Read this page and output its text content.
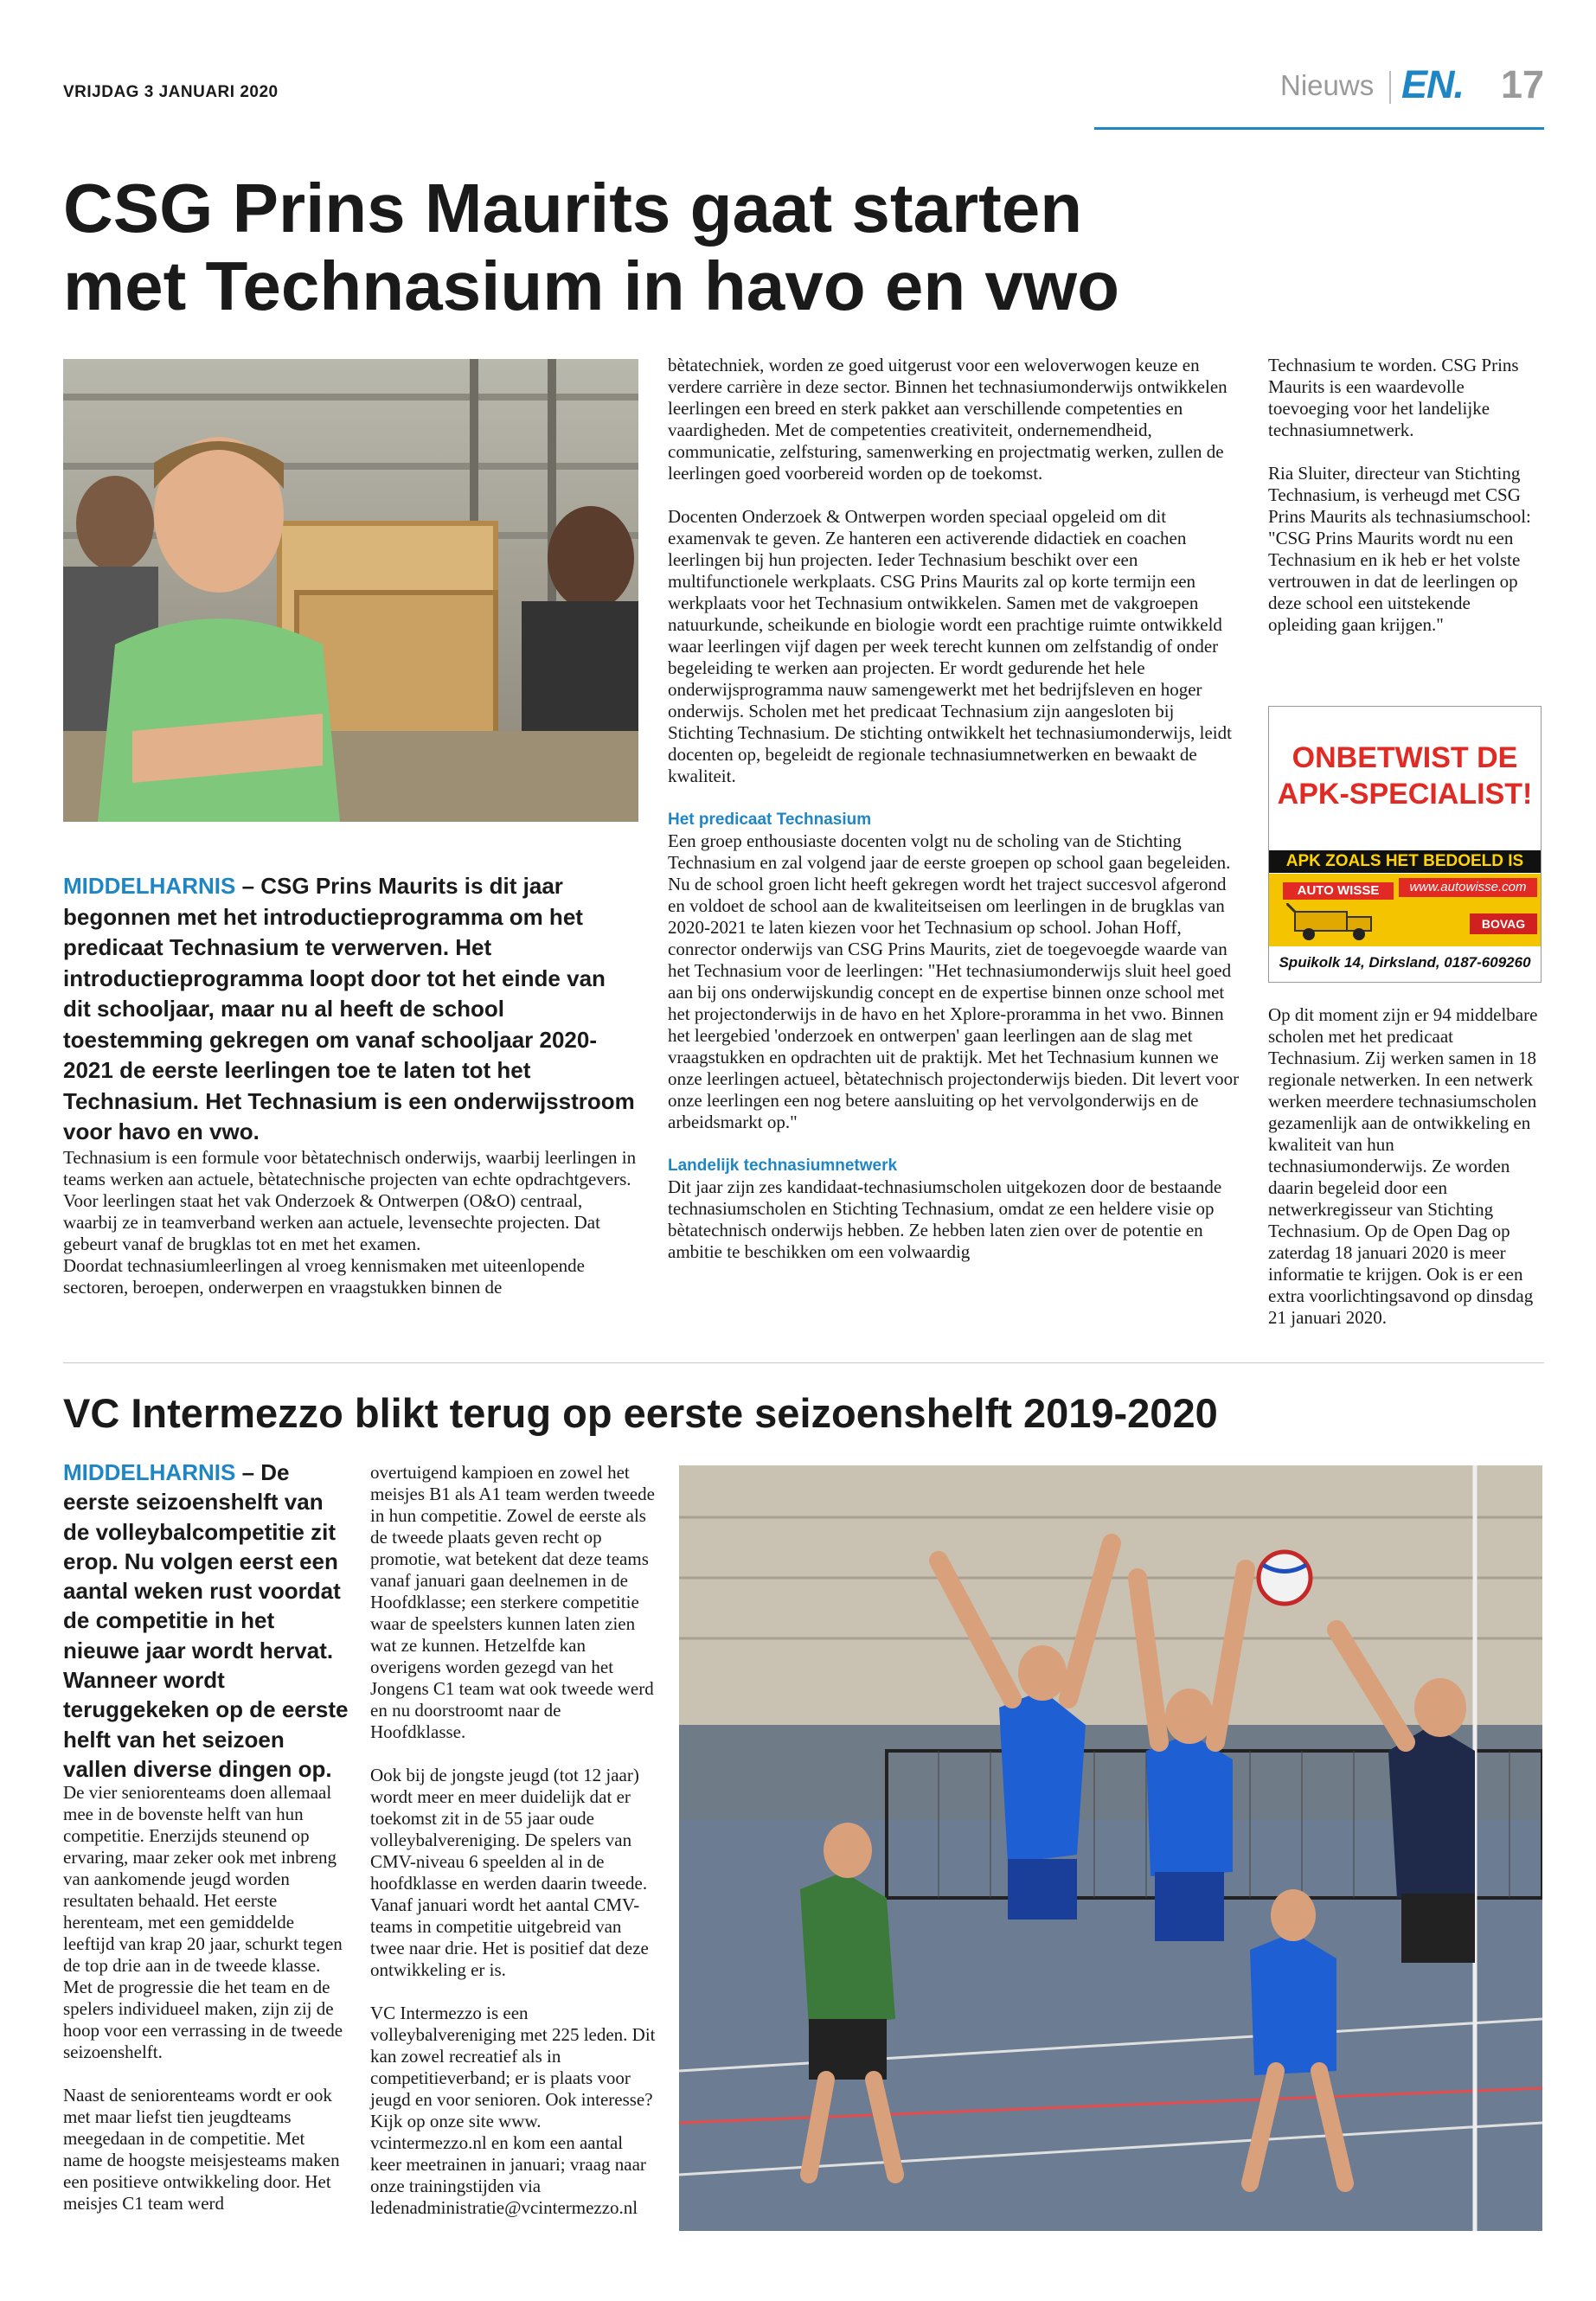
VRIJDAG 3 JANUARI 2020	Nieuws EN. 17
CSG Prins Maurits gaat starten
met Technasium in havo en vwo
MIDDELHARNIS – CSG Prins Maurits is dit jaar begonnen met het introductieprogramma om het predicaat Technasium te verwerven. Het introductieprogramma loopt door tot het einde van dit schooljaar, maar nu al heeft de school toestemming gekregen om vanaf schooljaar 2020-2021 de eerste leerlingen toe te laten tot het Technasium. Het Technasium is een onderwijsstroom voor havo en vwo.

Technasium is een formule voor bètatechnisch onderwijs, waarbij leerlingen in teams werken aan actuele, bètatechnische projecten van echte opdrachtgevers. Voor leerlingen staat het vak Onderzoek & Ontwerpen (O&O) centraal, waarbij ze in teamverband werken aan actuele, levensechte projecten. Dat gebeurt vanaf de brugklas tot en met het examen.

Doordat technasiumleerlingen al vroeg kennismaken met uiteenlopende sectoren, beroepen, onderwerpen en vraagstukken binnen de

bètatechniek, worden ze goed uitgerust voor een weloverwogen keuze en verdere carrière in deze sector. Binnen het technasiumonderwijs ontwikkelen leerlingen een breed en sterk pakket aan verschillende competenties en vaardigheden. Met de competenties creativiteit, ondernemendheid, communicatie, zelfsturing, samenwerking en projectmatig werken, zullen de leerlingen goed voorbereid worden op de toekomst.

Docenten Onderzoek & Ontwerpen worden speciaal opgeleid om dit examenvak te geven. Ze hanteren een activerende didactiek en coachen leerlingen bij hun projecten. Ieder Technasium beschikt over een multifunctionele werkplaats. CSG Prins Maurits zal op korte termijn een werkplaats voor het Technasium ontwikkelen. Samen met de vakgroepen natuurkunde, scheikunde en biologie wordt een prachtige ruimte ontwikkeld waar leerlingen vijf dagen per week terecht kunnen om zelfstandig of onder begeleiding te werken aan projecten. Er wordt gedurende het hele onderwijsprogramma nauw samengewerkt met het bedrijfsleven en hoger onderwijs. Scholen met het predicaat Technasium zijn aangesloten bij Stichting Technasium. De stichting ontwikkelt het technasiumonderwijs, leidt docenten op, begeleidt de regionale technasiumnetwerken en bewaakt de kwaliteit.

Het predicaat Technasium

Een groep enthousiaste docenten volgt nu de scholing van de Stichting Technasium en zal volgend jaar de eerste groepen op school gaan begeleiden. Nu de school groen licht heeft gekregen wordt het traject succesvol afgerond en voldoet de school aan de kwaliteitseisen om leerlingen in de brugklas van 2020-2021 te laten kiezen voor het Technasium op school. Johan Hoff, conrector onderwijs van CSG Prins Maurits, ziet de toegevoegde waarde van het Technasium voor de leerlingen: "Het technasiumonderwijs sluit heel goed aan bij ons onderwijskundig concept en de expertise binnen onze school met het projectonderwijs in de havo en het Xplore-proramma in het vwo. Binnen het leergebied 'onderzoek en ontwerpen' gaan leerlingen aan de slag met vraagstukken en opdrachten uit de praktijk. Met het Technasium kunnen we onze leerlingen actueel, bètatechnisch projectonderwijs bieden. Dit levert voor onze leerlingen een nog betere aansluiting op het vervolgonderwijs en de arbeidsmarkt op."

Landelijk technasiumnetwerk

Dit jaar zijn zes kandidaat-technasiumscholen uitgekozen door de bestaande technasiumscholen en Stichting Technasium, omdat ze een heldere visie op bètatechnisch onderwijs hebben. Ze hebben laten zien over de potentie en ambitie te beschikken om een volwaardig

Technasium te worden. CSG Prins Maurits is een waardevolle toevoeging voor het landelijke technasiumnetwerk.

Ria Sluiter, directeur van Stichting Technasium, is verheugd met CSG Prins Maurits als technasiumschool: "CSG Prins Maurits wordt nu een Technasium en ik heb er het volste vertrouwen in dat de leerlingen op deze school een uitstekende opleiding gaan krijgen."

ONBETWIST DE
APK-SPECIALIST!
APK ZOALS HET BEDOELD IS
AUTO WISSE	www.autowisse.com
BOVAG
Spuikolk 14, Dirksland, 0187-609260

Op dit moment zijn er 94 middelbare scholen met het predicaat Technasium. Zij werken samen in 18 regionale netwerken. In een netwerk werken meerdere technasiumscholen gezamenlijk aan de ontwikkeling en kwaliteit van hun technasiumonderwijs. Ze worden daarin begeleid door een netwerkregisseur van Stichting Technasium. Op de Open Dag op zaterdag 18 januari 2020 is meer informatie te krijgen. Ook is er een extra voorlichtingsavond op dinsdag 21 januari 2020.

VC Intermezzo blikt terug op eerste seizoenshelft 2019-2020
MIDDELHARNIS – De eerste seizoenshelft van de volleybalcompetitie zit erop. Nu volgen eerst een aantal weken rust voordat de competitie in het nieuwe jaar wordt hervat. Wanneer wordt teruggekeken op de eerste helft van het seizoen vallen diverse dingen op.

De vier seniorenteams doen allemaal mee in de bovenste helft van hun competitie. Enerzijds steunend op ervaring, maar zeker ook met inbreng van aankomende jeugd worden resultaten behaald. Het eerste herenteam, met een gemiddelde leeftijd van krap 20 jaar, schurkt tegen de top drie aan in de tweede klasse. Met de progressie die het team en de spelers individueel maken, zijn zij de hoop voor een verrassing in de tweede seizoenshelft.

Naast de seniorenteams wordt er ook met maar liefst tien jeugdteams meegedaan in de competitie. Met name de hoogste meisjesteams maken een positieve ontwikkeling door. Het meisjes C1 team werd

overtuigend kampioen en zowel het meisjes B1 als A1 team werden tweede in hun competitie. Zowel de eerste als de tweede plaats geven recht op promotie, wat betekent dat deze teams vanaf januari gaan deelnemen in de Hoofdklasse; een sterkere competitie waar de speelsters kunnen laten zien wat ze kunnen. Hetzelfde kan overigens worden gezegd van het Jongens C1 team wat ook tweede werd en nu doorstroomt naar de Hoofdklasse.

Ook bij de jongste jeugd (tot 12 jaar) wordt meer en meer duidelijk dat er toekomst zit in de 55 jaar oude volleybalvereniging. De spelers van CMV-niveau 6 speelden al in de hoofdklasse en werden daarin tweede. Vanaf januari wordt het aantal CMV-teams in competitie uitgebreid van twee naar drie. Het is positief dat deze ontwikkeling er is.

VC Intermezzo is een volleybalvereniging met 225 leden. Dit kan zowel recreatief als in competitieverband; er is plaats voor jeugd en voor senioren. Ook interesse? Kijk op onze site www. vcintermezzo.nl en kom een aantal keer meetrainen in januari; vraag naar onze trainingstijden via ledenadministratie@vcintermezzo.nl
